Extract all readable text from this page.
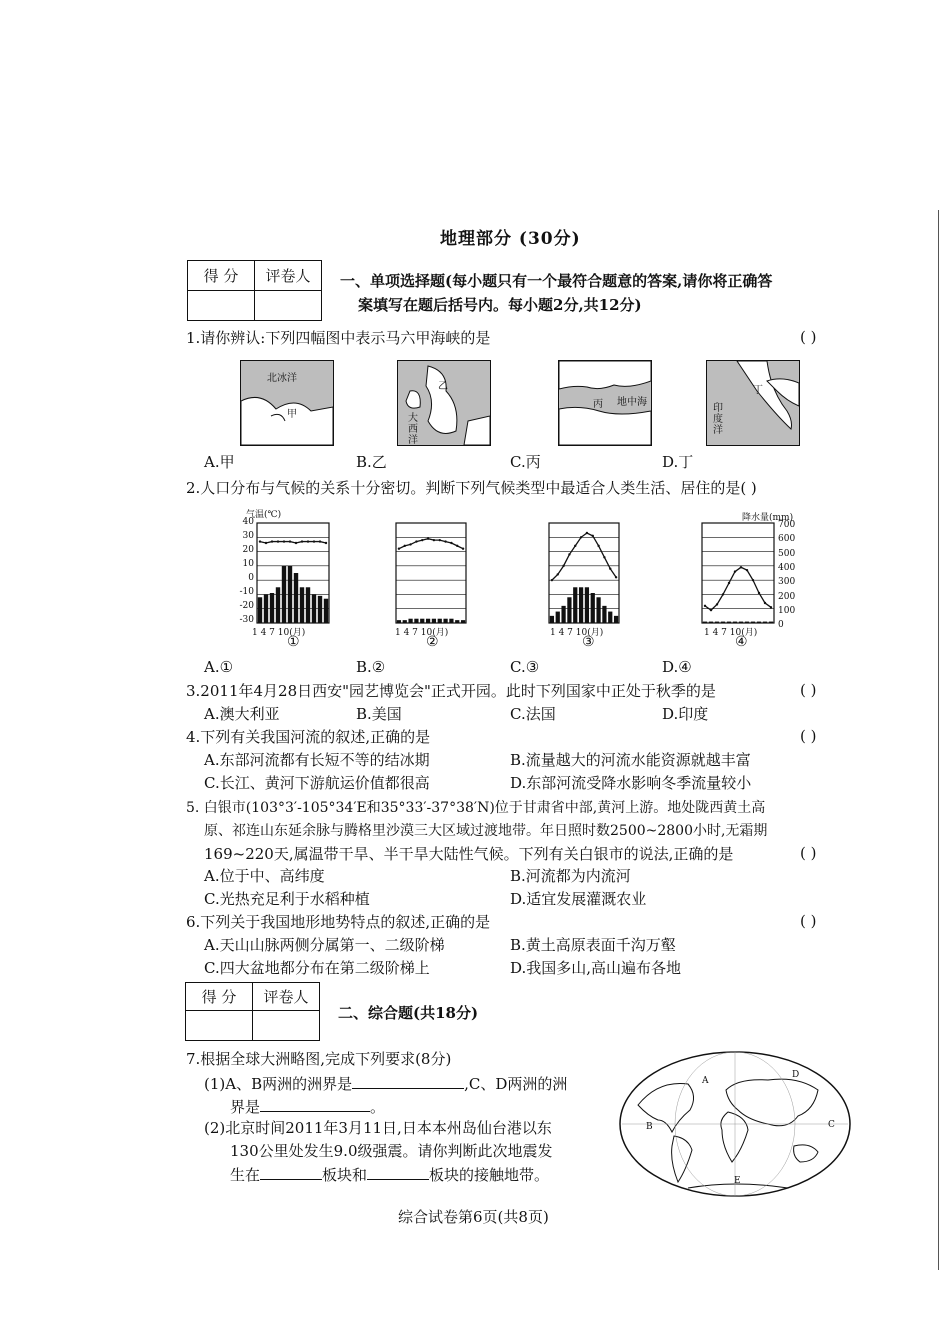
地理部分 (30分)
得 分	评卷人
	一、单项选择题(每小题只有一个最符合题意的答案,请你将正确答
案填写在题后括号内。每小题2分,共12分)
1.请你辨认:下列四幅图中表示马六甲海峡的是	( )
北冰洋
甲
乙
大西洋
丙 地中海
丁
印度洋
A.甲	B.乙	C.丙	D.丁
2.人口分布与气候的关系十分密切。判断下列气候类型中最适合人类生活、居住的是( )
气温(℃)	降水量(mm)
40
30
20
10
0
-10
-20
-30
700
600
500
400
300
200
100
0
1 4 7 10(月)	1 4 7 10(月)	1 4 7 10(月)	1 4 7 10(月)
①	②	③	④
A.①	B.②	C.③	D.④
3.2011年4月28日西安"园艺博览会"正式开园。此时下列国家中正处于秋季的是	( )
A.澳大利亚	B.美国	C.法国	D.印度
4.下列有关我国河流的叙述,正确的是	( )
A.东部河流都有长短不等的结冰期	B.流量越大的河流水能资源就越丰富
C.长江、黄河下游航运价值都很高	D.东部河流受降水影响冬季流量较小
5. 白银市(103°3′-105°34′E和35°33′-37°38′N)位于甘肃省中部,黄河上游。地处陇西黄土高
原、祁连山东延余脉与腾格里沙漠三大区域过渡地带。年日照时数2500~2800小时,无霜期
169~220天,属温带干旱、半干旱大陆性气候。下列有关白银市的说法,正确的是	( )
A.位于中、高纬度	B.河流都为内流河
C.光热充足利于水稻种植	D.适宜发展灌溉农业
6.下列关于我国地形地势特点的叙述,正确的是	( )
A.天山山脉两侧分属第一、二级阶梯	B.黄土高原表面千沟万壑
C.四大盆地都分布在第二级阶梯上	D.我国多山,高山遍布各地
得 分	评卷人

二、综合题(共18分)
7.根据全球大洲略图,完成下列要求(8分)
(1)A、B两洲的洲界是	,C、D两洲的洲
界是	。
(2)北京时间2011年3月11日,日本本州岛仙台港以东
130公里处发生9.0级强震。请你判断此次地震发
生在	板块和	板块的接触地带。
A
B	C
D
E
综合试卷第6页(共8页)
